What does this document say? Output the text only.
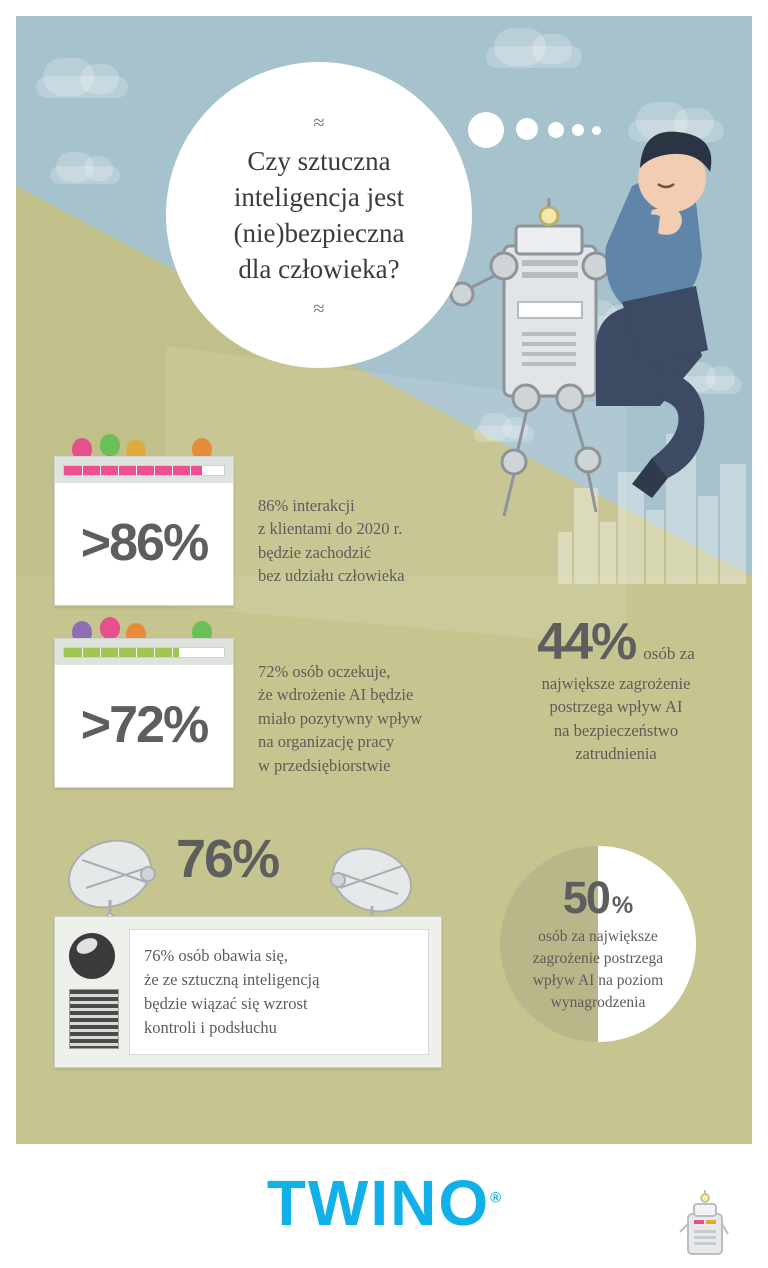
≈
Czy sztuczna
inteligencja jest
(nie)bezpieczna
dla człowieka?
≈
>86%
86% interakcji
z klientami do 2020 r.
będzie zachodzić
bez udziału człowieka
>72%
72% osób oczekuje,
że wdrożenie AI będzie
miało pozytywny wpływ
na organizację pracy
w przedsiębiorstwie
44% osób za
największe zagrożenie
postrzega wpływ AI
na bezpieczeństwo
zatrudnienia
76%

76% osób obawia się,
że ze sztuczną inteligencją
będzie wiązać się wzrost
kontroli i podsłuchu

50 %
osób za największe
zagrożenie postrzega
wpływ AI na poziom
wynagrodzenia
TWINO®
